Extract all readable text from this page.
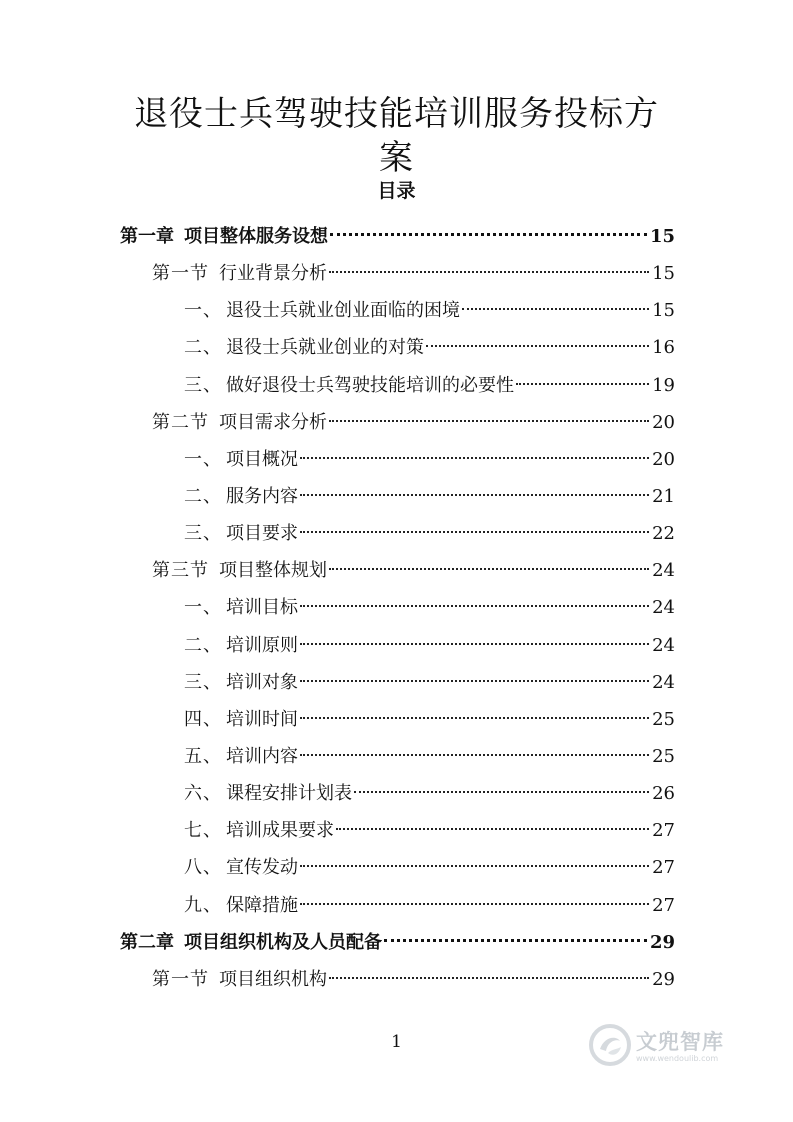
退役士兵驾驶技能培训服务投标方案
目录
第一章 项目整体服务设想	15
第一节 行业背景分析	15
一、 退役士兵就业创业面临的困境	15
二、 退役士兵就业创业的对策	16
三、 做好退役士兵驾驶技能培训的必要性	19
第二节 项目需求分析	20
一、 项目概况	20
二、 服务内容	21
三、 项目要求	22
第三节 项目整体规划	24
一、 培训目标	24
二、 培训原则	24
三、 培训对象	24
四、 培训时间	25
五、 培训内容	25
六、 课程安排计划表	26
七、 培训成果要求	27
八、 宣传发动	27
九、 保障措施	27
第二章 项目组织机构及人员配备	29
第一节 项目组织机构	29

1	文兜智库
www.wendoulib.com
